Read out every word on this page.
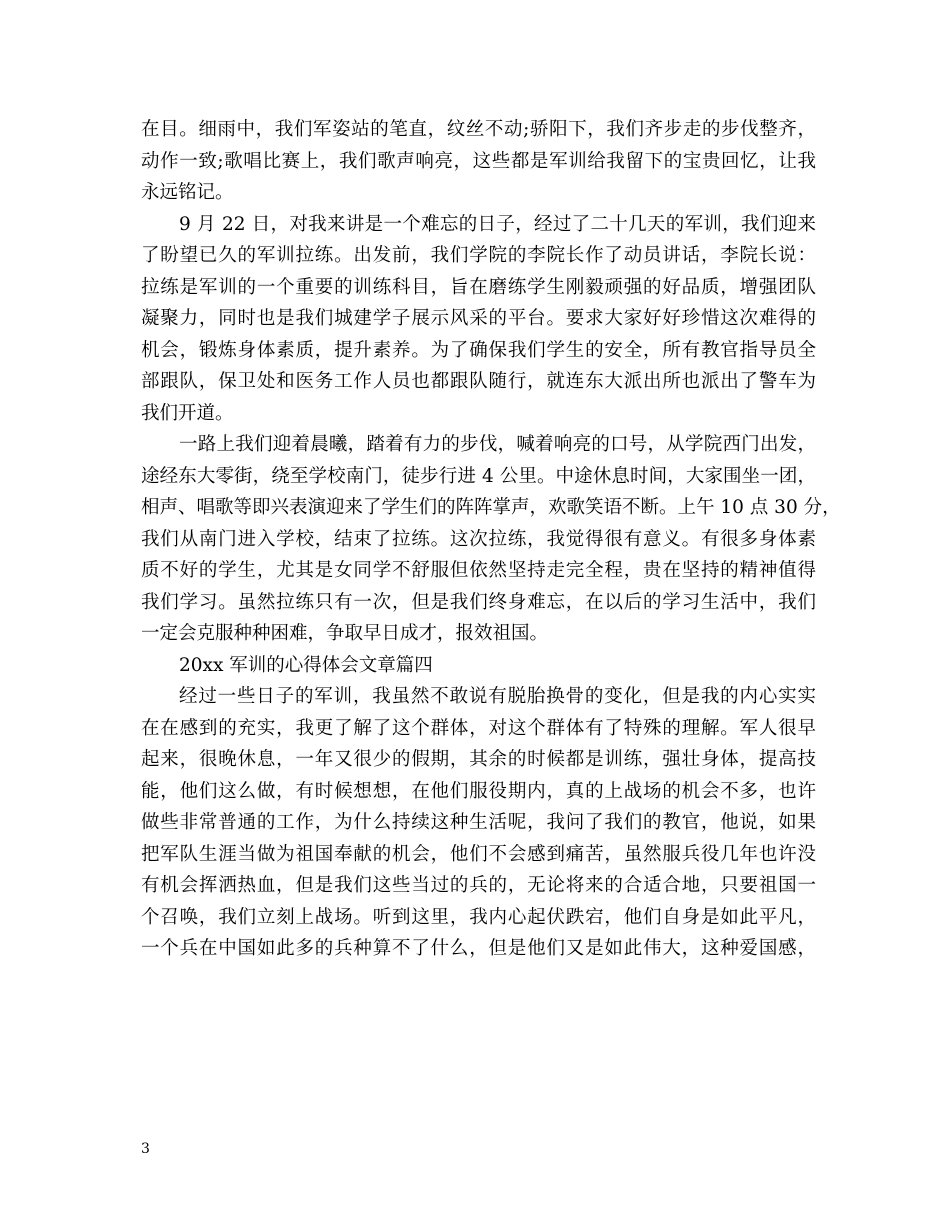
在目。细雨中，我们军姿站的笔直，纹丝不动;骄阳下，我们齐步走的步伐整齐，
动作一致;歌唱比赛上，我们歌声响亮，这些都是军训给我留下的宝贵回忆，让我
永远铭记。
9 月 22 日，对我来讲是一个难忘的日子，经过了二十几天的军训，我们迎来
了盼望已久的军训拉练。出发前，我们学院的李院长作了动员讲话，李院长说：
拉练是军训的一个重要的训练科目，旨在磨练学生刚毅顽强的好品质，增强团队
凝聚力，同时也是我们城建学子展示风采的平台。要求大家好好珍惜这次难得的
机会，锻炼身体素质，提升素养。为了确保我们学生的安全，所有教官指导员全
部跟队，保卫处和医务工作人员也都跟队随行，就连东大派出所也派出了警车为
我们开道。
一路上我们迎着晨曦，踏着有力的步伐，喊着响亮的口号，从学院西门出发，
途经东大零街，绕至学校南门，徒步行进 4 公里。中途休息时间，大家围坐一团，
相声、唱歌等即兴表演迎来了学生们的阵阵掌声，欢歌笑语不断。上午 10 点 30 分，
我们从南门进入学校，结束了拉练。这次拉练，我觉得很有意义。有很多身体素
质不好的学生，尤其是女同学不舒服但依然坚持走完全程，贵在坚持的精神值得
我们学习。虽然拉练只有一次，但是我们终身难忘，在以后的学习生活中，我们
一定会克服种种困难，争取早日成才，报效祖国。
20xx 军训的心得体会文章篇四
经过一些日子的军训，我虽然不敢说有脱胎换骨的变化，但是我的内心实实
在在感到的充实，我更了解了这个群体，对这个群体有了特殊的理解。军人很早
起来，很晚休息，一年又很少的假期，其余的时候都是训练，强壮身体，提高技
能，他们这么做，有时候想想，在他们服役期内，真的上战场的机会不多，也许
做些非常普通的工作，为什么持续这种生活呢，我问了我们的教官，他说，如果
把军队生涯当做为祖国奉献的机会，他们不会感到痛苦，虽然服兵役几年也许没
有机会挥洒热血，但是我们这些当过的兵的，无论将来的合适合地，只要祖国一
个召唤，我们立刻上战场。听到这里，我内心起伏跌宕，他们自身是如此平凡，
一个兵在中国如此多的兵种算不了什么，但是他们又是如此伟大，这种爱国感，
3
